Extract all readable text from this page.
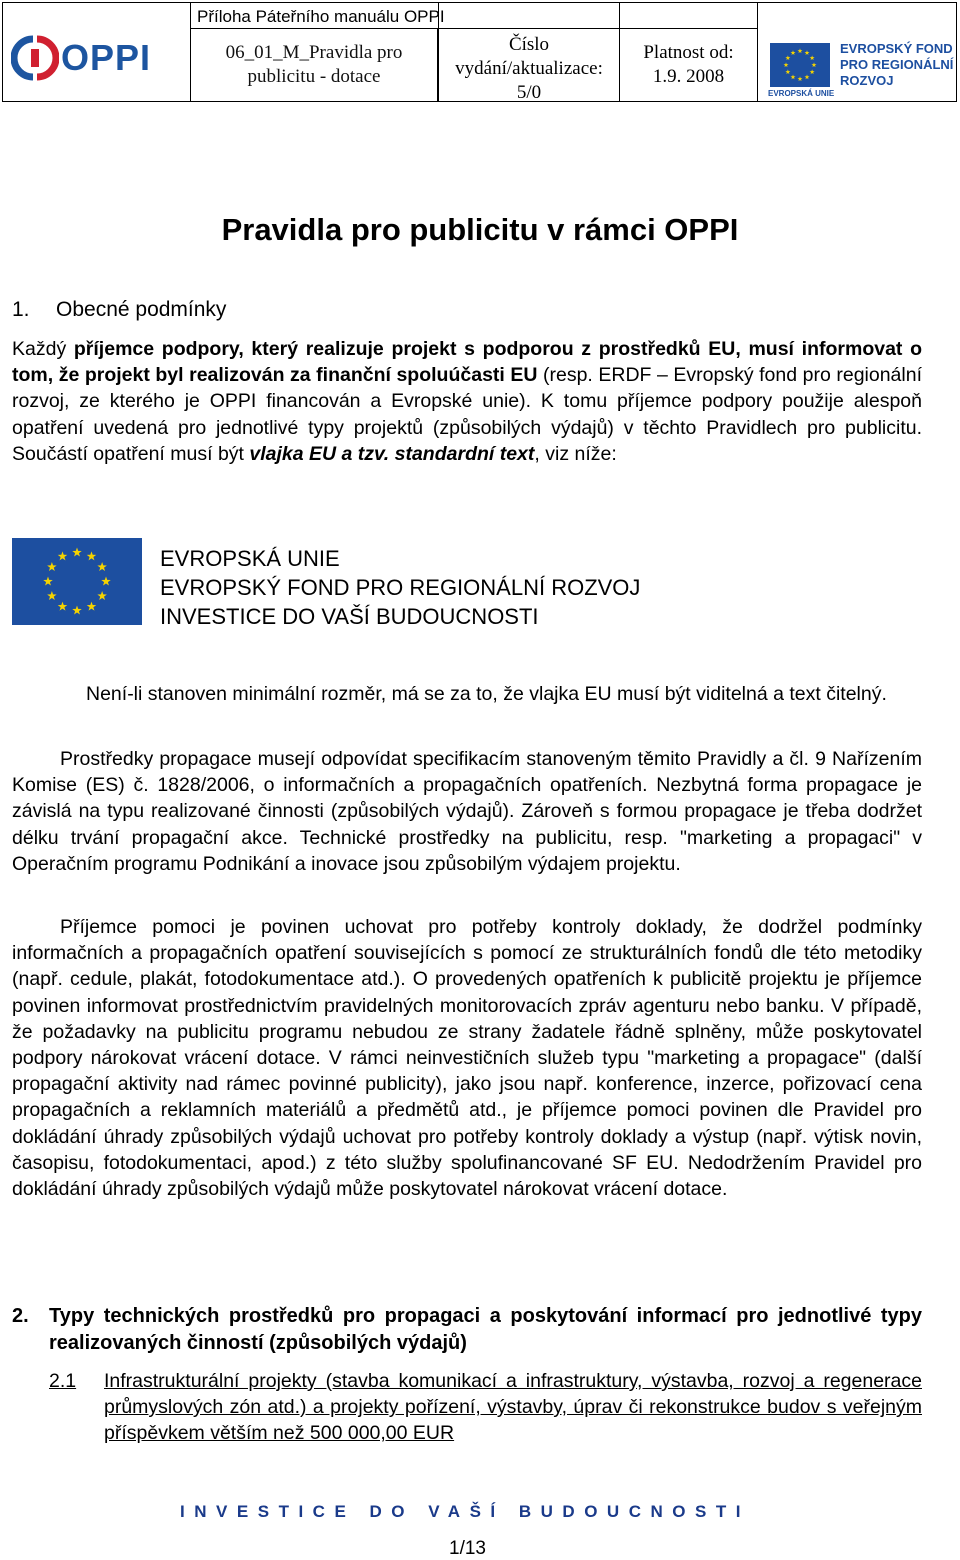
OPPI
Příloha Páteřního manuálu OPPI
06_01_M_Pravidla pro
publicitu - dotace
Číslo
vydání/aktualizace:
5/0
Platnost od:
1.9. 2008
EVROPSKÝ FOND
PRO REGIONÁLNÍ
ROZVOJ
EVROPSKÁ UNIE
Pravidla pro publicitu v rámci OPPI
1. Obecné podmínky
Každý příjemce podpory, který realizuje projekt s podporou z prostředků EU, musí informovat o tom, že projekt byl realizován za finanční spoluúčasti EU (resp. ERDF – Evropský fond pro regionální rozvoj, ze kterého je OPPI financován a Evropské unie). K tomu příjemce podpory použije alespoň opatření uvedená pro jednotlivé typy projektů (způsobilých výdajů) v těchto Pravidlech pro publicitu. Součástí opatření musí být vlajka EU a tzv. standardní text, viz níže:
EVROPSKÁ UNIE
EVROPSKÝ FOND PRO REGIONÁLNÍ ROZVOJ
INVESTICE DO VAŠÍ BUDOUCNOSTI
Není-li stanoven minimální rozměr, má se za to, že vlajka EU musí být viditelná a text čitelný.
Prostředky propagace musejí odpovídat specifikacím stanoveným těmito Pravidly a čl. 9 Nařízením Komise (ES) č. 1828/2006, o informačních a propagačních opatřeních. Nezbytná forma propagace je závislá na typu realizované činnosti (způsobilých výdajů). Zároveň s formou propagace je třeba dodržet délku trvání propagační akce. Technické prostředky na publicitu, resp. "marketing a propagaci" v Operačním programu Podnikání a inovace jsou způsobilým výdajem projektu.
Příjemce pomoci je povinen uchovat pro potřeby kontroly doklady, že dodržel podmínky informačních a propagačních opatření souvisejících s pomocí ze strukturálních fondů dle této metodiky (např. cedule, plakát, fotodokumentace atd.). O provedených opatřeních k publicitě projektu je příjemce povinen informovat prostřednictvím pravidelných monitorovacích zpráv agenturu nebo banku. V případě, že požadavky na publicitu programu nebudou ze strany žadatele řádně splněny, může poskytovatel podpory nárokovat vrácení dotace. V rámci neinvestičních služeb typu "marketing a propagace" (další propagační aktivity nad rámec povinné publicity), jako jsou např. konference, inzerce, pořizovací cena propagačních a reklamních materiálů a předmětů atd., je příjemce pomoci povinen dle Pravidel pro dokládání úhrady způsobilých výdajů uchovat pro potřeby kontroly doklady a výstup (např. výtisk novin, časopisu, fotodokumentaci, apod.) z této služby spolufinancované SF EU. Nedodržením Pravidel pro dokládání úhrady způsobilých výdajů může poskytovatel nárokovat vrácení dotace.
2. Typy technických prostředků pro propagaci a poskytování informací pro jednotlivé typy realizovaných činností (způsobilých výdajů)
2.1 Infrastrukturální projekty (stavba komunikací a infrastruktury, výstavba, rozvoj a regenerace průmyslových zón atd.) a projekty pořízení, výstavby, úprav či rekonstrukce budov s veřejným příspěvkem větším než 500 000,00 EUR
INVESTICE DO VAŠÍ BUDOUCNOSTI
1/13
